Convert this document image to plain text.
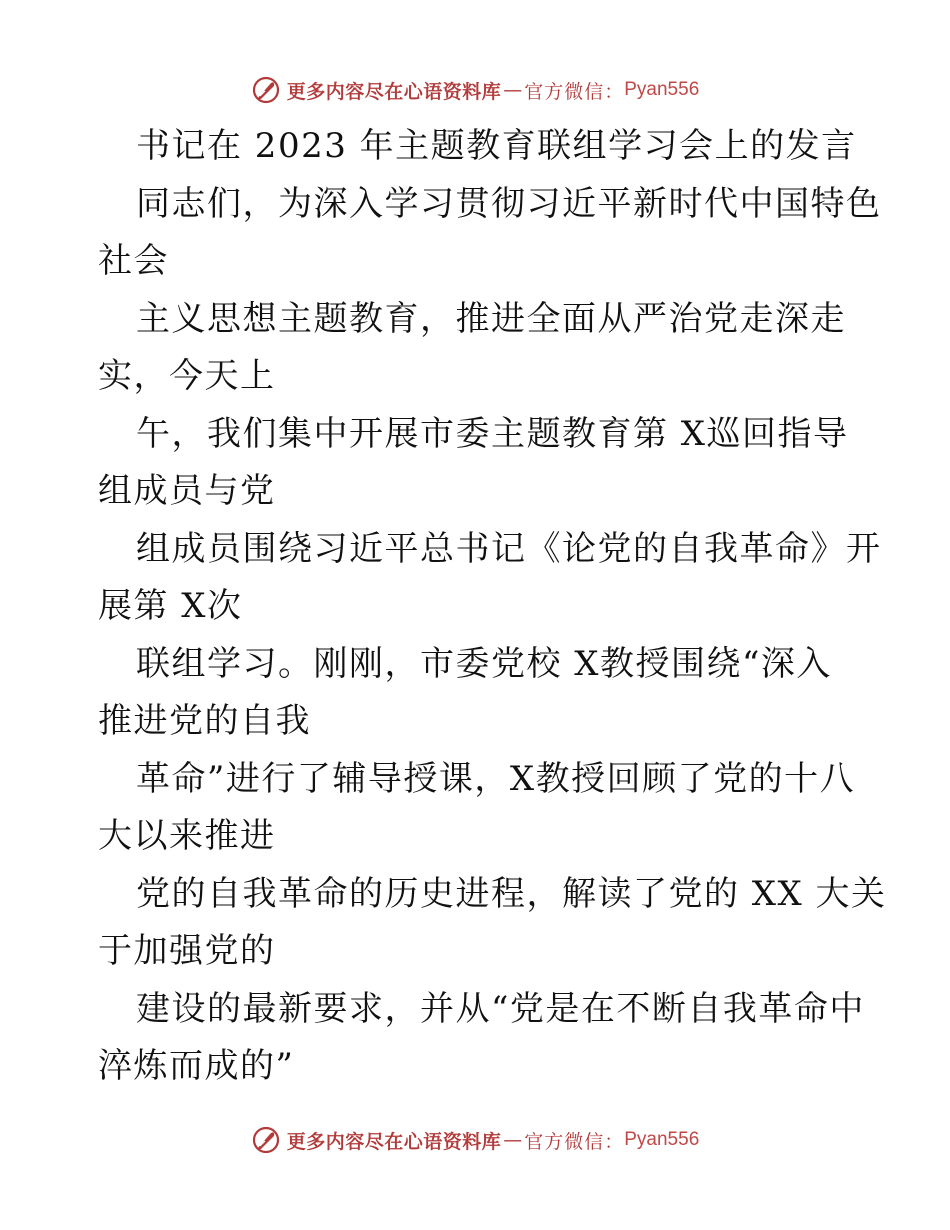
更多内容尽在心语资料库 — 官方微信： Pyan556
书记在 2023 年主题教育联组学习会上的发言
同志们，为深入学习贯彻习近平新时代中国特色
社会
主义思想主题教育，推进全面从严治党走深走
实，今天上
午，我们集中开展市委主题教育第 X巡回指导
组成员与党
组成员围绕习近平总书记《论党的自我革命》开
展第 X次
联组学习。刚刚，市委党校 X教授围绕“深入
推进党的自我
革命”进行了辅导授课，X教授回顾了党的十八
大以来推进
党的自我革命的历史进程，解读了党的 XX 大关
于加强党的
建设的最新要求，并从“党是在不断自我革命中
淬炼而成的”
更多内容尽在心语资料库 — 官方微信： Pyan556
